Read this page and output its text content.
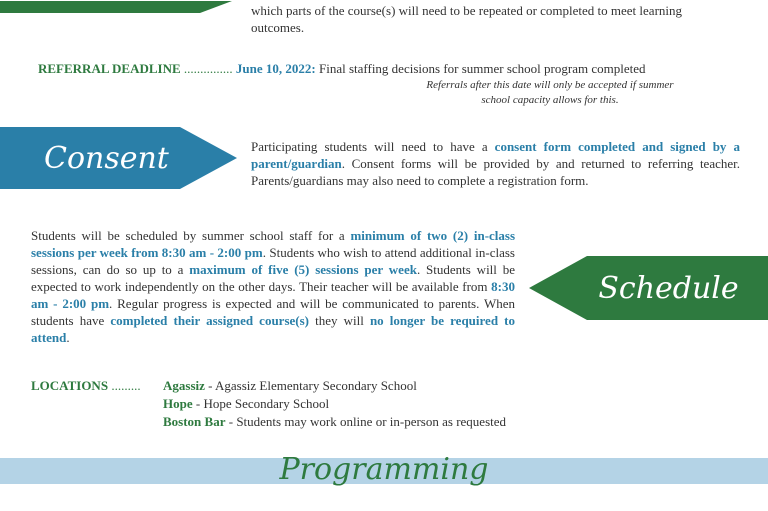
which parts of the course(s) will need to be repeated or completed to meet learning
outcomes.
REFERRAL DEADLINE ............... June 10, 2022: Final staffing decisions for summer school program completed
Referrals after this date will only be accepted if summer
school capacity allows for this.
Consent	Participating students will need to have a consent form completed and signed by a parent/guardian. Consent forms will be provided by and returned to referring teacher. Parents/guardians may also need to complete a registration form.
Students will be scheduled by summer school staff for a minimum of two (2) in-class sessions per week from 8:30 am - 2:00 pm. Students who wish to attend additional in-class sessions, can do so up to a maximum of five (5) sessions per week. Students will be expected to work independently on the other days. Their teacher will be available from 8:30 am - 2:00 pm. Regular progress is expected and will be communicated to parents. When students have completed their assigned course(s) they will no longer be required to attend.
Schedule
LOCATIONS ......... Agassiz - Agassiz Elementary Secondary School
Hope - Hope Secondary School
Boston Bar - Students may work online or in-person as requested
Programming
